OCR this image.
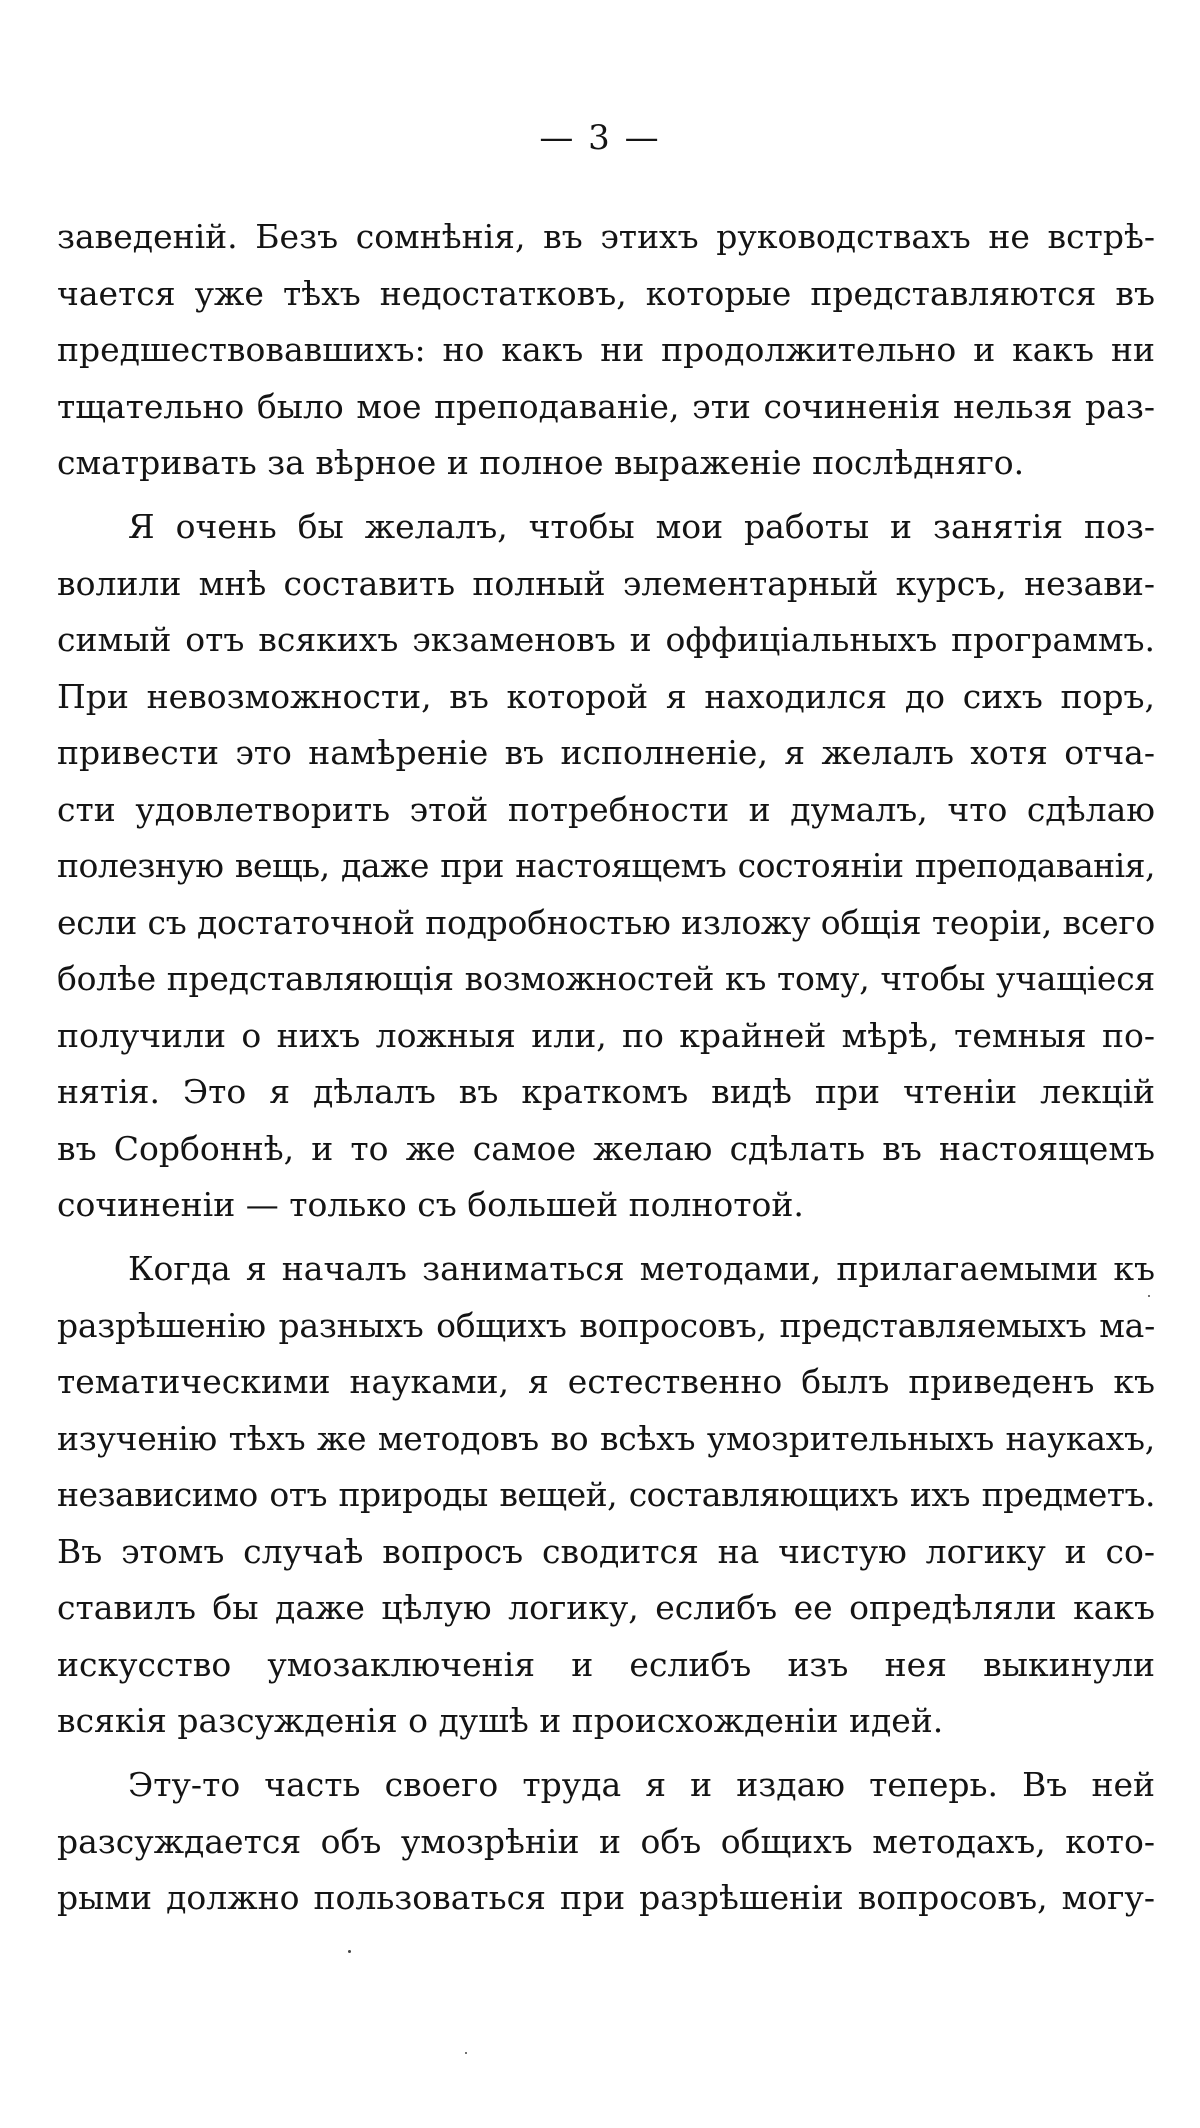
— 3 —
заведеній. Безъ сомнѣнія, въ этихъ руководствахъ не встрѣ-
чается уже тѣхъ недостатковъ, которые представляются въ
предшествовавшихъ: но какъ ни продолжительно и какъ ни
тщательно было мое преподаваніе, эти сочиненія нельзя раз-
сматривать за вѣрное и полное выраженіе послѣдняго.
Я очень бы желалъ, чтобы мои работы и занятія поз-
волили мнѣ составить полный элементарный курсъ, незави-
симый отъ всякихъ экзаменовъ и оффиціальныхъ программъ.
При невозможности, въ которой я находился до сихъ поръ,
привести это намѣреніе въ исполненіе, я желалъ хотя отча-
сти удовлетворить этой потребности и думалъ, что сдѣлаю
полезную вещь, даже при настоящемъ состояніи преподаванія,
если съ достаточной подробностью изложу общія теоріи, всего
болѣе представляющія возможностей къ тому, чтобы учащіеся
получили о нихъ ложныя или, по крайней мѣрѣ, темныя по-
нятія. Это я дѣлалъ въ краткомъ видѣ при чтеніи лекцій
въ Сорбоннѣ, и то же самое желаю сдѣлать въ настоящемъ
сочиненіи — только съ большей полнотой.
Когда я началъ заниматься методами, прилагаемыми къ
разрѣшенію разныхъ общихъ вопросовъ, представляемыхъ ма-
тематическими науками, я естественно былъ приведенъ къ
изученію тѣхъ же методовъ во всѣхъ умозрительныхъ наукахъ,
независимо отъ природы вещей, составляющихъ ихъ предметъ.
Въ этомъ случаѣ вопросъ сводится на чистую логику и со-
ставилъ бы даже цѣлую логику, еслибъ ее опредѣляли какъ
искусство умозаключенія и еслибъ изъ нея выкинули
всякія разсужденія о душѣ и происхожденіи идей.
Эту-то часть своего труда я и издаю теперь. Въ ней
разсуждается объ умозрѣніи и объ общихъ методахъ, кото-
рыми должно пользоваться при разрѣшеніи вопросовъ, могу-
